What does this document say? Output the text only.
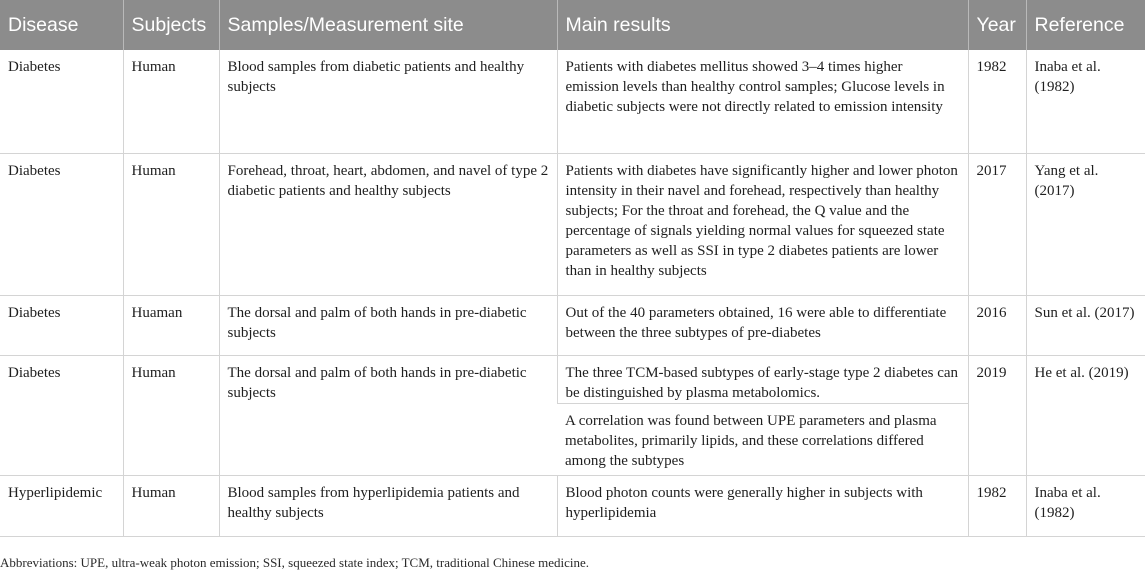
Disease	Subjects	Samples/Measurement site	Main results	Year	Reference
Diabetes	Human	Blood samples from diabetic patients and healthy subjects	Patients with diabetes mellitus showed 3–4 times higher emission levels than healthy control samples; Glucose levels in diabetic subjects were not directly related to emission intensity	1982	Inaba et al. (1982)
Diabetes	Human	Forehead, throat, heart, abdomen, and navel of type 2 diabetic patients and healthy subjects	Patients with diabetes have significantly higher and lower photon intensity in their navel and forehead, respectively than healthy subjects; For the throat and forehead, the Q value and the percentage of signals yielding normal values for squeezed state parameters as well as SSI in type 2 diabetes patients are lower than in healthy subjects	2017	Yang et al. (2017)
Diabetes	Huaman	The dorsal and palm of both hands in pre-diabetic subjects	Out of the 40 parameters obtained, 16 were able to differentiate between the three subtypes of pre-diabetes	2016	Sun et al. (2017)
Diabetes	Human	The dorsal and palm of both hands in pre-diabetic subjects	The three TCM-based subtypes of early-stage type 2 diabetes can be distinguished by plasma metabolomics.	2019	He et al. (2019)
			A correlation was found between UPE parameters and plasma metabolites, primarily lipids, and these correlations differed among the subtypes		
Hyperlipidemic	Human	Blood samples from hyperlipidemia patients and healthy subjects	Blood photon counts were generally higher in subjects with hyperlipidemia	1982	Inaba et al. (1982)
Abbreviations: UPE, ultra-weak photon emission; SSI, squeezed state index; TCM, traditional Chinese medicine.
